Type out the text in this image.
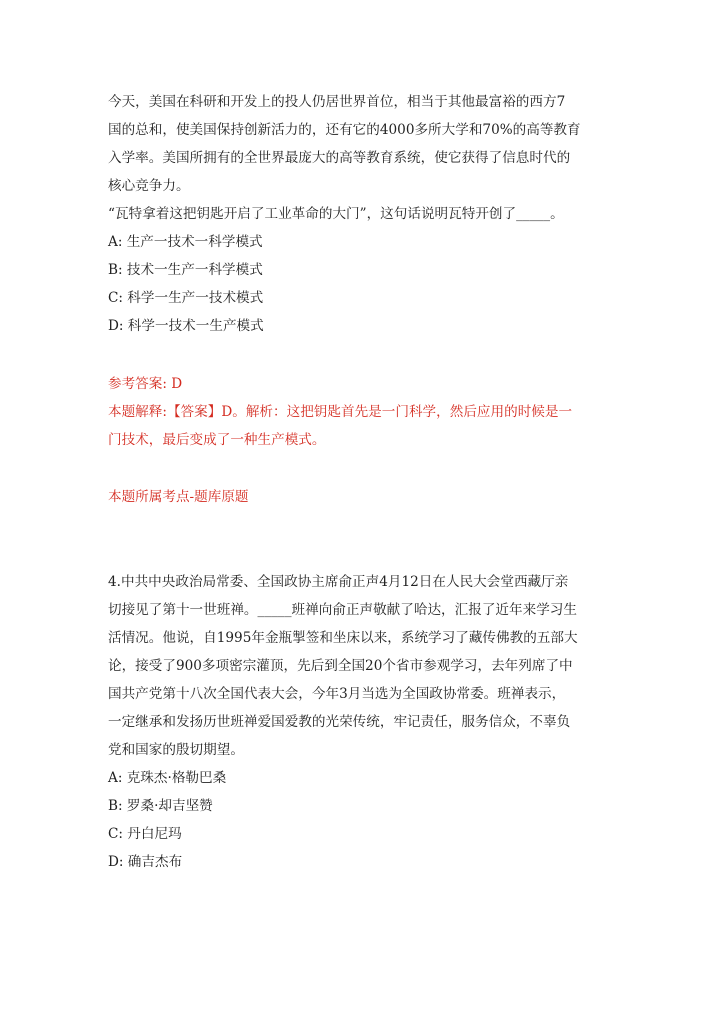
今天，美国在科研和开发上的投人仍居世界首位，相当于其他最富裕的西方7
国的总和，使美国保持创新活力的，还有它的4000多所大学和70%的高等教育
入学率。美国所拥有的全世界最庞大的高等教育系统，使它获得了信息时代的
核心竞争力。
“瓦特拿着这把钥匙开启了工业革命的大门”，这句话说明瓦特开创了_____。
A: 生产一技术一科学模式
B: 技术一生产一科学模式
C: 科学一生产一技术模式
D: 科学一技术一生产模式
参考答案: D
本题解释:【答案】D。解析：这把钥匙首先是一门科学，然后应用的时候是一
门技术，最后变成了一种生产模式。
本题所属考点-题库原题
4.中共中央政治局常委、全国政协主席俞正声4月12日在人民大会堂西藏厅亲
切接见了第十一世班禅。_____班禅向俞正声敬献了哈达，汇报了近年来学习生
活情况。他说，自1995年金瓶掣签和坐床以来，系统学习了藏传佛教的五部大
论，接受了900多项密宗灌顶，先后到全国20个省市参观学习，去年列席了中
国共产党第十八次全国代表大会，今年3月当选为全国政协常委。班禅表示，
一定继承和发扬历世班禅爱国爱教的光荣传统，牢记责任，服务信众，不辜负
党和国家的殷切期望。
A: 克珠杰·格勒巴桑
B: 罗桑·却吉坚赞
C: 丹白尼玛
D: 确吉杰布
